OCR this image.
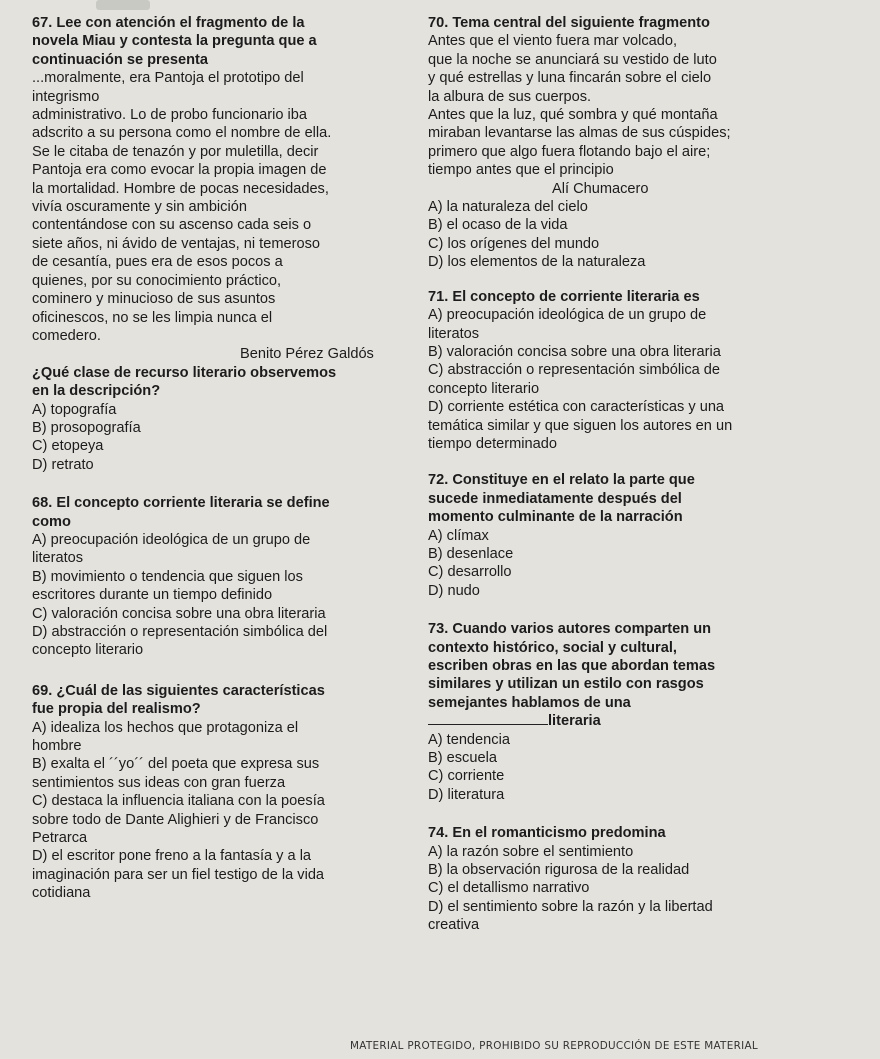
67. Lee con atención el fragmento de la
novela Miau y contesta la pregunta que a
continuación se presenta
...moralmente, era Pantoja el prototipo del
integrismo
administrativo. Lo de probo funcionario iba
adscrito a su persona como el nombre de ella.
Se le citaba de tenazón y por muletilla, decir
Pantoja era como evocar la propia imagen de
la mortalidad. Hombre de pocas necesidades,
vivía oscuramente y sin ambición
contentándose con su ascenso cada seis o
siete años, ni ávido de ventajas, ni temeroso
de cesantía, pues era de esos pocos a
quienes, por su conocimiento práctico,
cominero y minucioso de sus asuntos
oficinescos, no se les limpia nunca el
comedero.
Benito Pérez Galdós
¿Qué clase de recurso literario observemos
en la descripción?
A) topografía
B) prosopografía
C) etopeya
D) retrato
68. El concepto corriente literaria se define
como
A) preocupación ideológica de un grupo de
literatos
B) movimiento o tendencia que siguen los
escritores durante un tiempo definido
C) valoración concisa sobre una obra literaria
D) abstracción o representación simbólica del
concepto literario
69. ¿Cuál de las siguientes características
fue propia del realismo?
A) idealiza los hechos que protagoniza el
hombre
B) exalta el ´´yo´´ del poeta que expresa sus
sentimientos sus ideas con gran fuerza
C) destaca la influencia italiana con la poesía
sobre todo de Dante Alighieri y de Francisco
Petrarca
D) el escritor pone freno a la fantasía y a la
imaginación para ser un fiel testigo de la vida
cotidiana
70. Tema central del siguiente fragmento
Antes que el viento fuera mar volcado,
que la noche se anunciará su vestido de luto
y qué estrellas y luna fincarán sobre el cielo
la albura de sus cuerpos.
Antes que la luz, qué sombra y qué montaña
miraban levantarse las almas de sus cúspides;
primero que algo fuera flotando bajo el aire;
tiempo antes que el principio
Alí Chumacero
A) la naturaleza del cielo
B) el ocaso de la vida
C) los orígenes del mundo
D) los elementos de la naturaleza
71. El concepto de corriente literaria es
A) preocupación ideológica de un grupo de
literatos
B) valoración concisa sobre una obra literaria
C) abstracción o representación simbólica de
concepto literario
D) corriente estética con características y una
temática similar y que siguen los autores en un
tiempo determinado
72. Constituye en el relato la parte que
sucede inmediatamente después del
momento culminante de la narración
A) clímax
B) desenlace
C) desarrollo
D) nudo
73. Cuando varios autores comparten un
contexto histórico, social y cultural,
escriben obras en las que abordan temas
similares y utilizan un estilo con rasgos
semejantes hablamos de una
literaria
A) tendencia
B) escuela
C) corriente
D) literatura
74. En el romanticismo predomina
A) la razón sobre el sentimiento
B) la observación rigurosa de la realidad
C) el detallismo narrativo
D) el sentimiento sobre la razón y la libertad
creativa
MATERIAL PROTEGIDO, PROHIBIDO SU REPRODUCCIÓN DE ESTE MATERIAL
